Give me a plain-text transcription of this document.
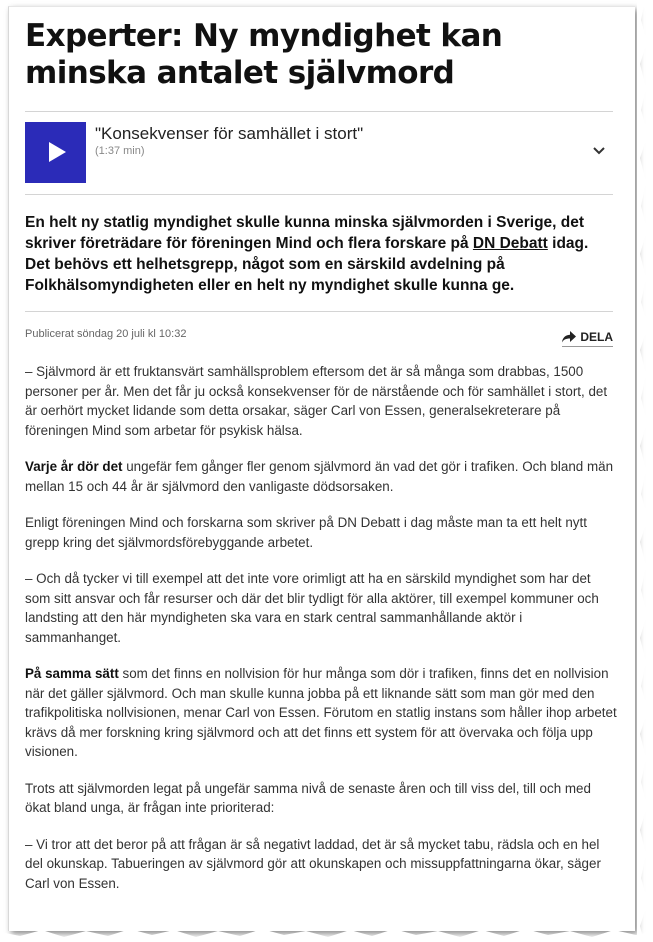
Experter: Ny myndighet kan minska antalet självmord
"Konsekvenser för samhället i stort"
(1:37 min)

En helt ny statlig myndighet skulle kunna minska självmorden i Sverige, det skriver företrädare för föreningen Mind och flera forskare på DN Debatt idag. Det behövs ett helhetsgrepp, något som en särskild avdelning på Folkhälsomyndigheten eller en helt ny myndighet skulle kunna ge.

Publicerat söndag 20 juli kl 10:32	DELA

– Självmord är ett fruktansvärt samhällsproblem eftersom det är så många som drabbas, 1500 personer per år. Men det får ju också konsekvenser för de närstående och för samhället i stort, det är oerhört mycket lidande som detta orsakar, säger Carl von Essen, generalsekreterare på föreningen Mind som arbetar för psykisk hälsa.

Varje år dör det ungefär fem gånger fler genom självmord än vad det gör i trafiken. Och bland män mellan 15 och 44 år är självmord den vanligaste dödsorsaken.

Enligt föreningen Mind och forskarna som skriver på DN Debatt i dag måste man ta ett helt nytt grepp kring det självmordsförebyggande arbetet.

– Och då tycker vi till exempel att det inte vore orimligt att ha en särskild myndighet som har det som sitt ansvar och får resurser och där det blir tydligt för alla aktörer, till exempel kommuner och landsting att den här myndigheten ska vara en stark central sammanhållande aktör i sammanhanget.

På samma sätt som det finns en nollvision för hur många som dör i trafiken, finns det en nollvision när det gäller självmord. Och man skulle kunna jobba på ett liknande sätt som man gör med den trafikpolitiska nollvisionen, menar Carl von Essen. Förutom en statlig instans som håller ihop arbetet krävs då mer forskning kring självmord och att det finns ett system för att övervaka och följa upp visionen.

Trots att självmorden legat på ungefär samma nivå de senaste åren och till viss del, till och med ökat bland unga, är frågan inte prioriterad:

– Vi tror att det beror på att frågan är så negativt laddad, det är så mycket tabu, rädsla och en hel del okunskap. Tabueringen av självmord gör att okunskapen och missuppfattningarna ökar, säger Carl von Essen.
